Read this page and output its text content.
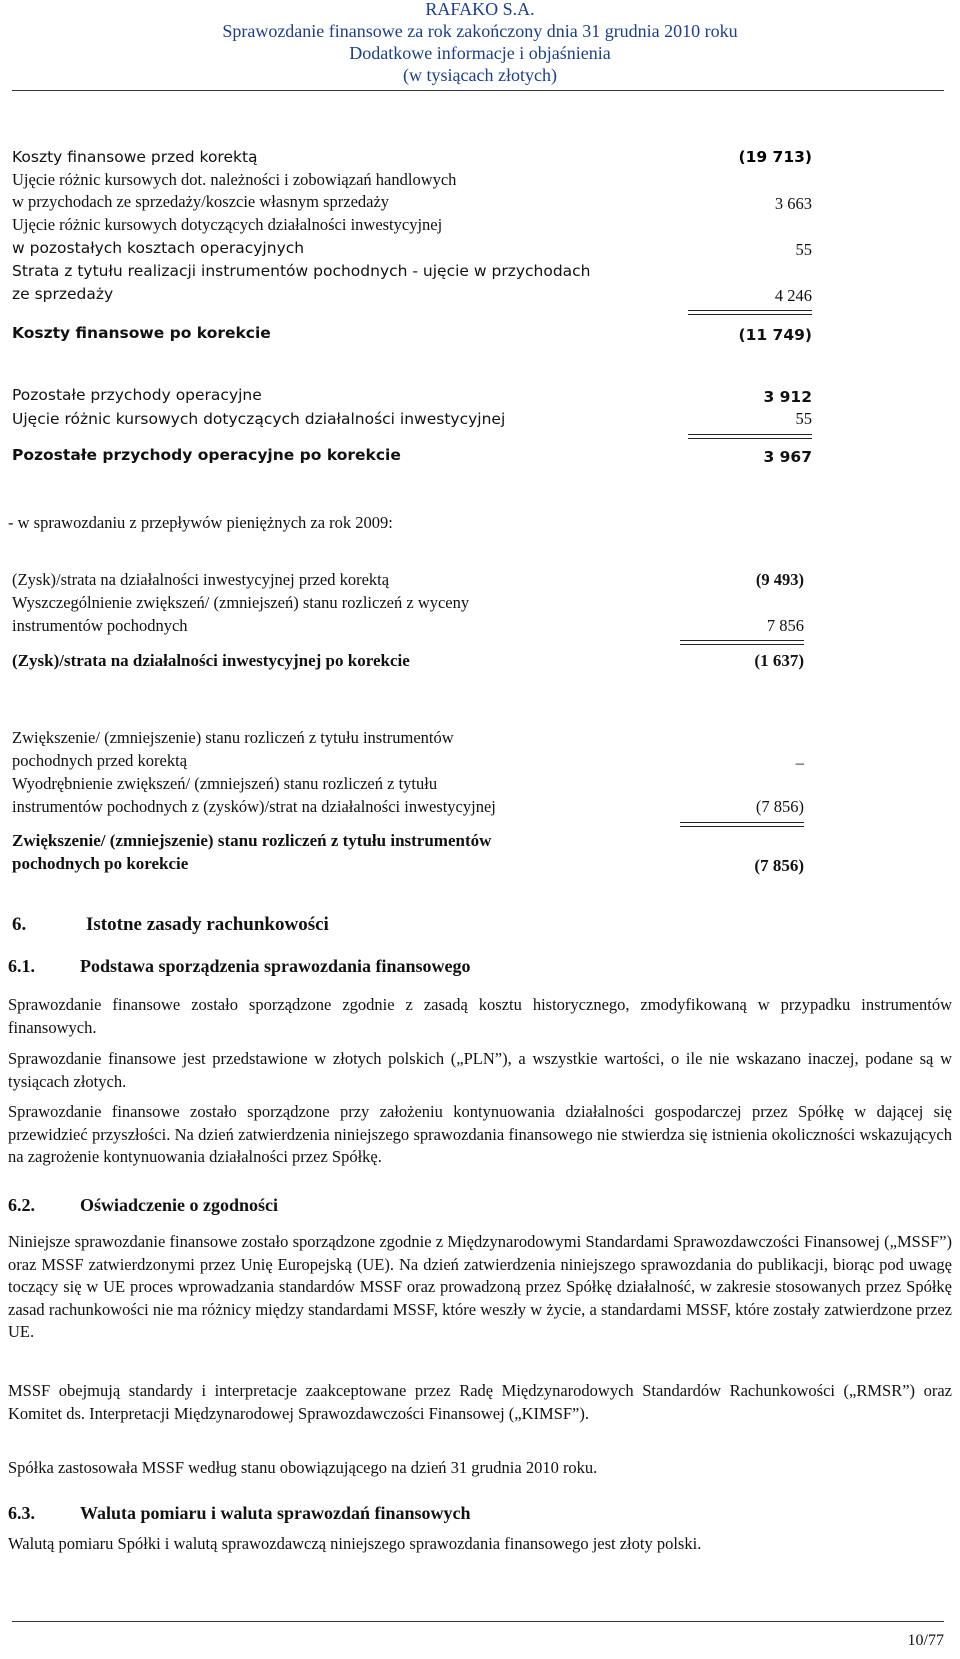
RAFAKO S.A.
Sprawozdanie finansowe za rok zakończony dnia 31 grudnia 2010 roku
Dodatkowe informacje i objaśnienia
(w tysiącach złotych)
Koszty finansowe przed korektą	(19 713)
Ujęcie różnic kursowych dot. należności i zobowiązań handlowych
w przychodach ze sprzedaży/koszcie własnym sprzedaży	3 663
Ujęcie różnic kursowych dotyczących działalności inwestycyjnej
w pozostałych kosztach operacyjnych	55
Strata z tytułu realizacji instrumentów pochodnych - ujęcie w przychodach
ze sprzedaży	4 246
Koszty finansowe po korekcie	(11 749)
Pozostałe przychody operacyjne	3 912
Ujęcie różnic kursowych dotyczących działalności inwestycyjnej	55
Pozostałe przychody operacyjne po korekcie	3 967
- w sprawozdaniu z przepływów pieniężnych za rok 2009:
(Zysk)/strata na działalności inwestycyjnej przed korektą	(9 493)
Wyszczególnienie zwiększeń/ (zmniejszeń) stanu rozliczeń z wyceny
instrumentów pochodnych	7 856
(Zysk)/strata na działalności inwestycyjnej po korekcie	(1 637)
Zwiększenie/ (zmniejszenie) stanu rozliczeń z tytułu instrumentów
pochodnych przed korektą	–
Wyodrębnienie zwiększeń/ (zmniejszeń) stanu rozliczeń z tytułu
instrumentów pochodnych z (zysków)/strat na działalności inwestycyjnej	(7 856)
Zwiększenie/ (zmniejszenie) stanu rozliczeń z tytułu instrumentów
pochodnych po korekcie	(7 856)
6.	Istotne zasady rachunkowości
6.1.	Podstawa sporządzenia sprawozdania finansowego
Sprawozdanie finansowe zostało sporządzone zgodnie z zasadą kosztu historycznego, zmodyfikowaną w przypadku instrumentów finansowych.
Sprawozdanie finansowe jest przedstawione w złotych polskich („PLN”), a wszystkie wartości, o ile nie wskazano inaczej, podane są w tysiącach złotych.
Sprawozdanie finansowe zostało sporządzone przy założeniu kontynuowania działalności gospodarczej przez Spółkę w dającej się przewidzieć przyszłości. Na dzień zatwierdzenia niniejszego sprawozdania finansowego nie stwierdza się istnienia okoliczności wskazujących na zagrożenie kontynuowania działalności przez Spółkę.
6.2.	Oświadczenie o zgodności
Niniejsze sprawozdanie finansowe zostało sporządzone zgodnie z Międzynarodowymi Standardami Sprawozdawczości Finansowej („MSSF”) oraz MSSF zatwierdzonymi przez Unię Europejską (UE). Na dzień zatwierdzenia niniejszego sprawozdania do publikacji, biorąc pod uwagę toczący się w UE proces wprowadzania standardów MSSF oraz prowadzoną przez Spółkę działalność, w zakresie stosowanych przez Spółkę zasad rachunkowości nie ma różnicy między standardami MSSF, które weszły w życie, a standardami MSSF, które zostały zatwierdzone przez UE.
MSSF obejmują standardy i interpretacje zaakceptowane przez Radę Międzynarodowych Standardów Rachunkowości („RMSR”) oraz Komitet ds. Interpretacji Międzynarodowej Sprawozdawczości Finansowej („KIMSF”).
Spółka zastosowała MSSF według stanu obowiązującego na dzień 31 grudnia 2010 roku.
6.3.	Waluta pomiaru i waluta sprawozdań finansowych
Walutą pomiaru Spółki i walutą sprawozdawczą niniejszego sprawozdania finansowego jest złoty polski.
10/77
